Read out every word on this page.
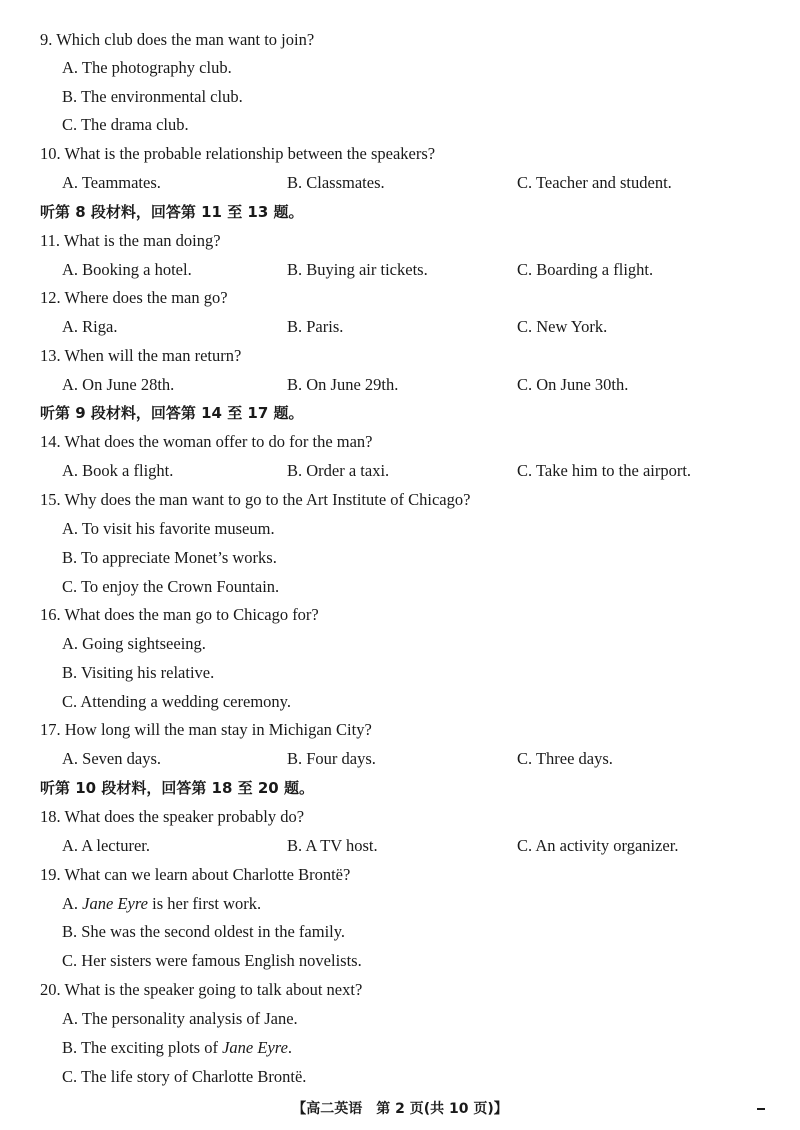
9. Which club does the man want to join?
A. The photography club.
B. The environmental club.
C. The drama club.
10. What is the probable relationship between the speakers?
A. Teammates.	B. Classmates.	C. Teacher and student.
听第 8 段材料，回答第 11 至 13 题。
11. What is the man doing?
A. Booking a hotel.	B. Buying air tickets.	C. Boarding a flight.
12. Where does the man go?
A. Riga.	B. Paris.	C. New York.
13. When will the man return?
A. On June 28th.	B. On June 29th.	C. On June 30th.
听第 9 段材料，回答第 14 至 17 题。
14. What does the woman offer to do for the man?
A. Book a flight.	B. Order a taxi.	C. Take him to the airport.
15. Why does the man want to go to the Art Institute of Chicago?
A. To visit his favorite museum.
B. To appreciate Monet’s works.
C. To enjoy the Crown Fountain.
16. What does the man go to Chicago for?
A. Going sightseeing.
B. Visiting his relative.
C. Attending a wedding ceremony.
17. How long will the man stay in Michigan City?
A. Seven days.	B. Four days.	C. Three days.
听第 10 段材料，回答第 18 至 20 题。
18. What does the speaker probably do?
A. A lecturer.	B. A TV host.	C. An activity organizer.
19. What can we learn about Charlotte Brontë?
A. Jane Eyre is her first work.
B. She was the second oldest in the family.
C. Her sisters were famous English novelists.
20. What is the speaker going to talk about next?
A. The personality analysis of Jane.
B. The exciting plots of Jane Eyre.
C. The life story of Charlotte Brontë.
【高二英语　第 2 页(共 10 页)】
